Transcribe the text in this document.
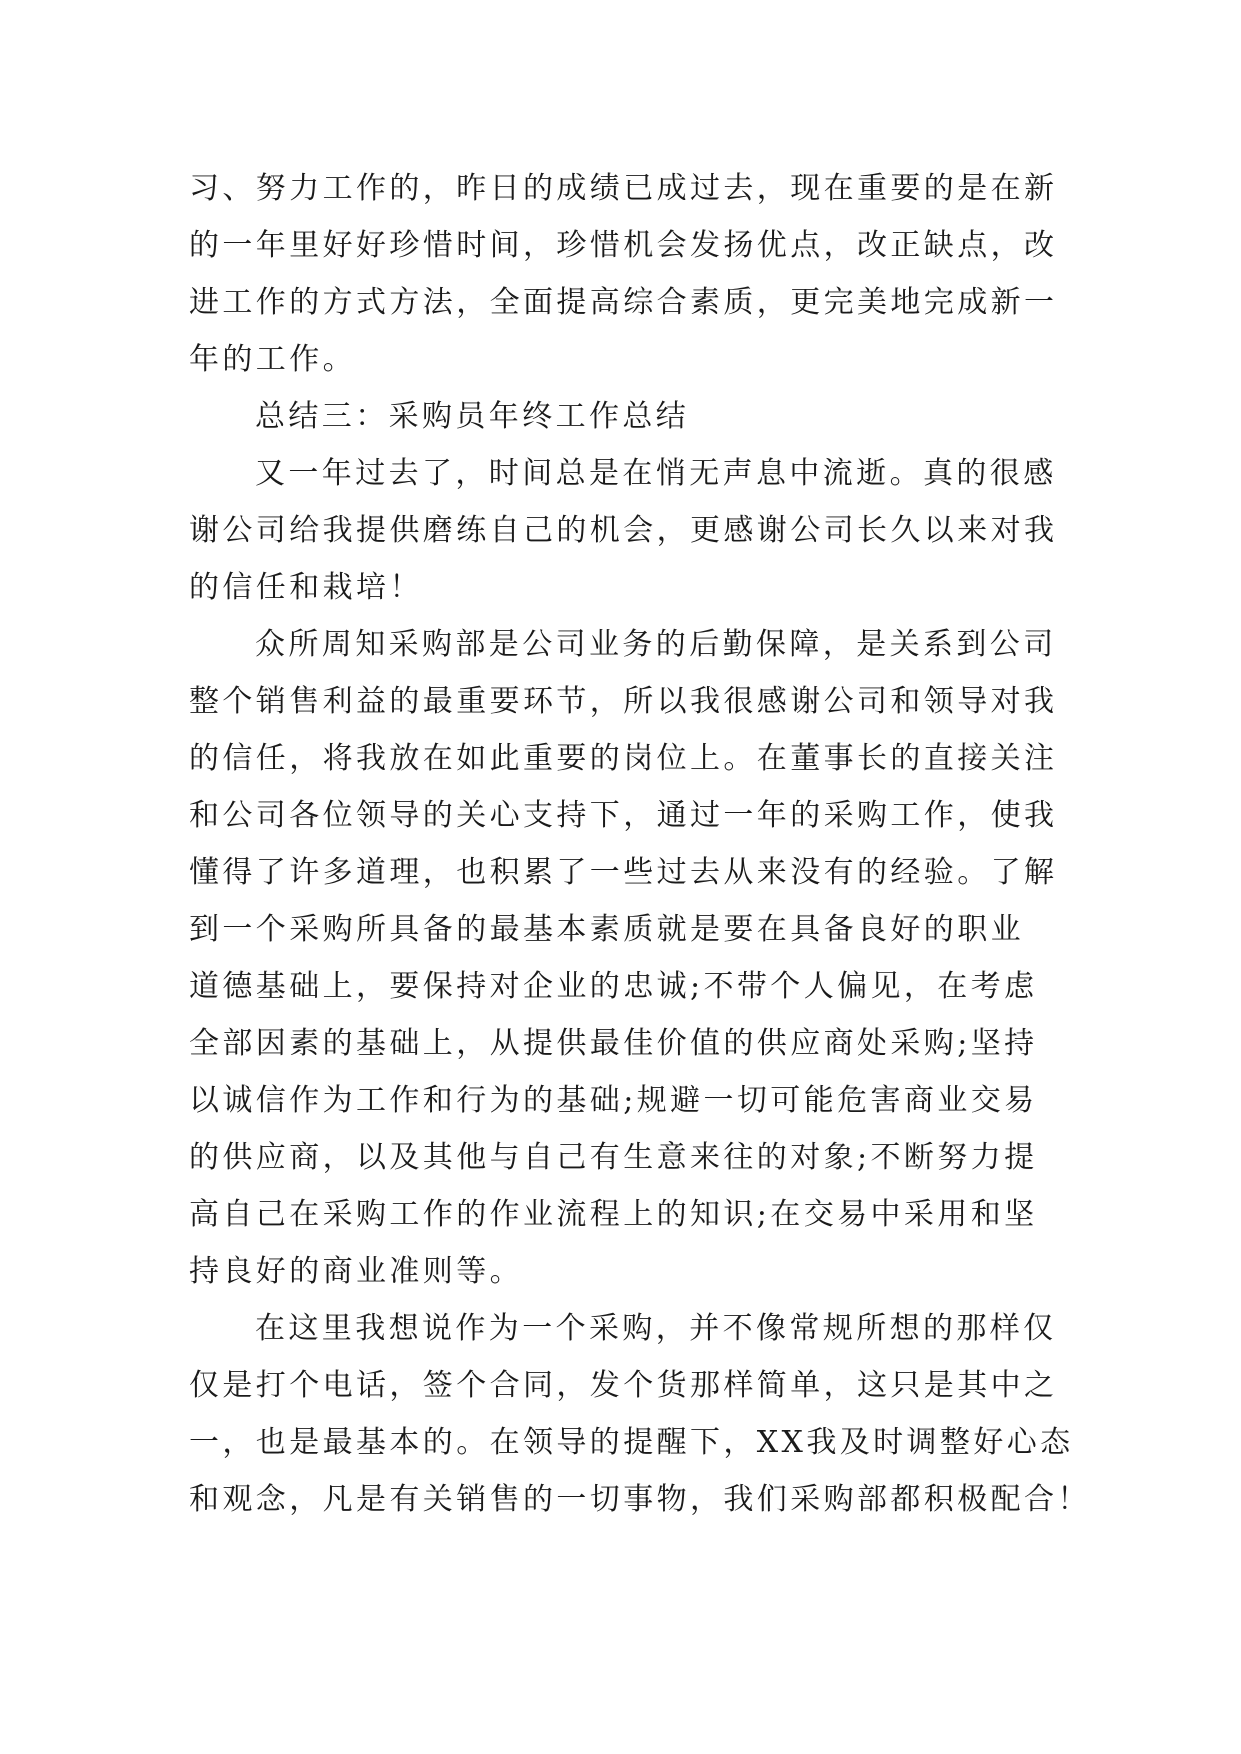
习、努力工作的，昨日的成绩已成过去，现在重要的是在新
的一年里好好珍惜时间，珍惜机会发扬优点，改正缺点，改
进工作的方式方法，全面提高综合素质，更完美地完成新一
年的工作。
总结三：采购员年终工作总结
又一年过去了，时间总是在悄无声息中流逝。真的很感
谢公司给我提供磨练自己的机会，更感谢公司长久以来对我
的信任和栽培！
众所周知采购部是公司业务的后勤保障，是关系到公司
整个销售利益的最重要环节，所以我很感谢公司和领导对我
的信任，将我放在如此重要的岗位上。在董事长的直接关注
和公司各位领导的关心支持下，通过一年的采购工作，使我
懂得了许多道理，也积累了一些过去从来没有的经验。了解
到一个采购所具备的最基本素质就是要在具备良好的职业
道德基础上，要保持对企业的忠诚;不带个人偏见，在考虑
全部因素的基础上，从提供最佳价值的供应商处采购;坚持
以诚信作为工作和行为的基础;规避一切可能危害商业交易
的供应商，以及其他与自己有生意来往的对象;不断努力提
高自己在采购工作的作业流程上的知识;在交易中采用和坚
持良好的商业准则等。
在这里我想说作为一个采购，并不像常规所想的那样仅
仅是打个电话，签个合同，发个货那样简单，这只是其中之
一，也是最基本的。在领导的提醒下，XX我及时调整好心态
和观念，凡是有关销售的一切事物，我们采购部都积极配合！
